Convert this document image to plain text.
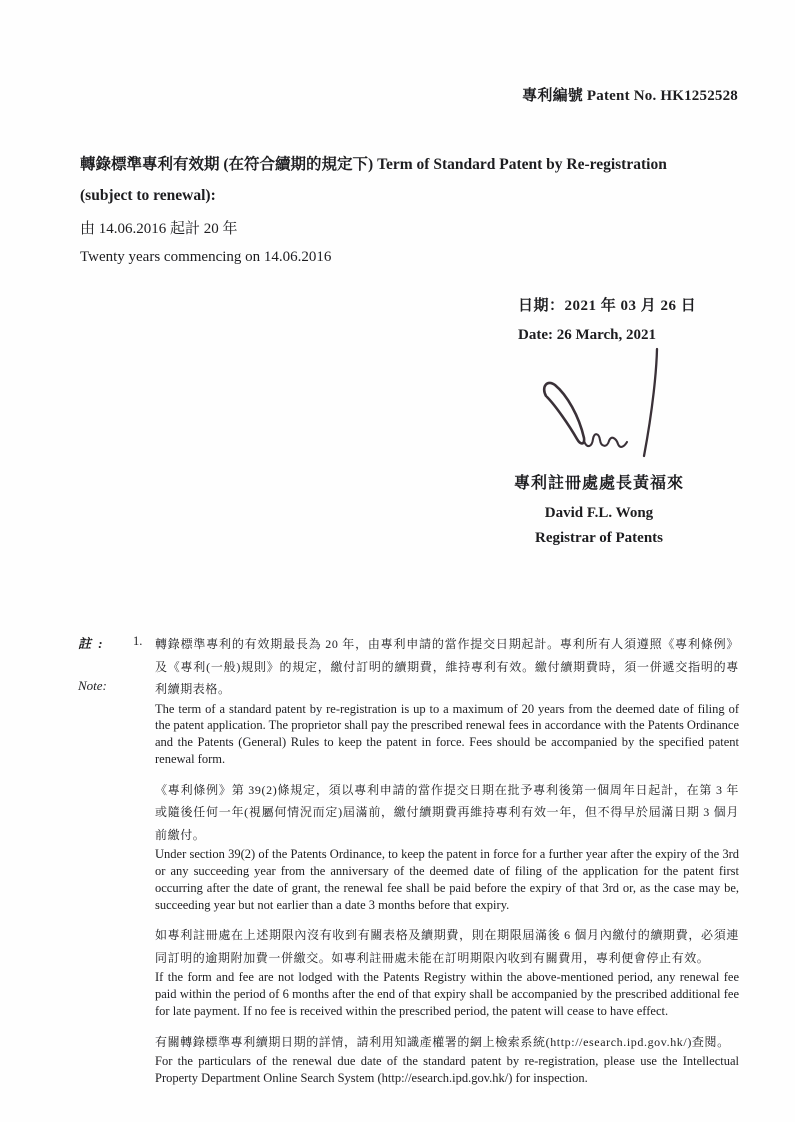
專利編號 Patent No. HK1252528
轉錄標準專利有效期 (在符合續期的規定下) Term of Standard Patent by Re-registration
(subject to renewal):
由 14.06.2016 起計 20 年
Twenty years commencing on 14.06.2016
日期：2021 年 03 月 26 日
Date: 26 March, 2021
專利註冊處處長黃福來
David F.L. Wong
Registrar of Patents
註 :
Note:
1.	轉錄標準專利的有效期最長為 20 年，由專利申請的當作提交日期起計。專利所有人須遵照《專利條例》及《專利(一般)規則》的規定，繳付訂明的續期費，維持專利有效。繳付續期費時，須一併遞交指明的專利續期表格。
The term of a standard patent by re-registration is up to a maximum of 20 years from the deemed date of filing of the patent application. The proprietor shall pay the prescribed renewal fees in accordance with the Patents Ordinance and the Patents (General) Rules to keep the patent in force. Fees should be accompanied by the specified patent renewal form.
《專利條例》第 39(2)條規定，須以專利申請的當作提交日期在批予專利後第一個周年日起計，在第 3 年或隨後任何一年(視屬何情況而定)屆滿前，繳付續期費再維持專利有效一年，但不得早於屆滿日期 3 個月前繳付。
Under section 39(2) of the Patents Ordinance, to keep the patent in force for a further year after the expiry of the 3rd or any succeeding year from the anniversary of the deemed date of filing of the application for the patent first occurring after the date of grant, the renewal fee shall be paid before the expiry of that 3rd or, as the case may be, succeeding year but not earlier than a date 3 months before that expiry.
如專利註冊處在上述期限內沒有收到有關表格及續期費，則在期限屆滿後 6 個月內繳付的續期費，必須連同訂明的逾期附加費一併繳交。如專利註冊處未能在訂明期限內收到有關費用，專利便會停止有效。
If the form and fee are not lodged with the Patents Registry within the above-mentioned period, any renewal fee paid within the period of 6 months after the end of that expiry shall be accompanied by the prescribed additional fee for late payment. If no fee is received within the prescribed period, the patent will cease to have effect.
有關轉錄標準專利續期日期的詳情，請利用知識產權署的網上檢索系統(http://esearch.ipd.gov.hk/)查閱。
For the particulars of the renewal due date of the standard patent by re-registration, please use the Intellectual Property Department Online Search System (http://esearch.ipd.gov.hk/) for inspection.
